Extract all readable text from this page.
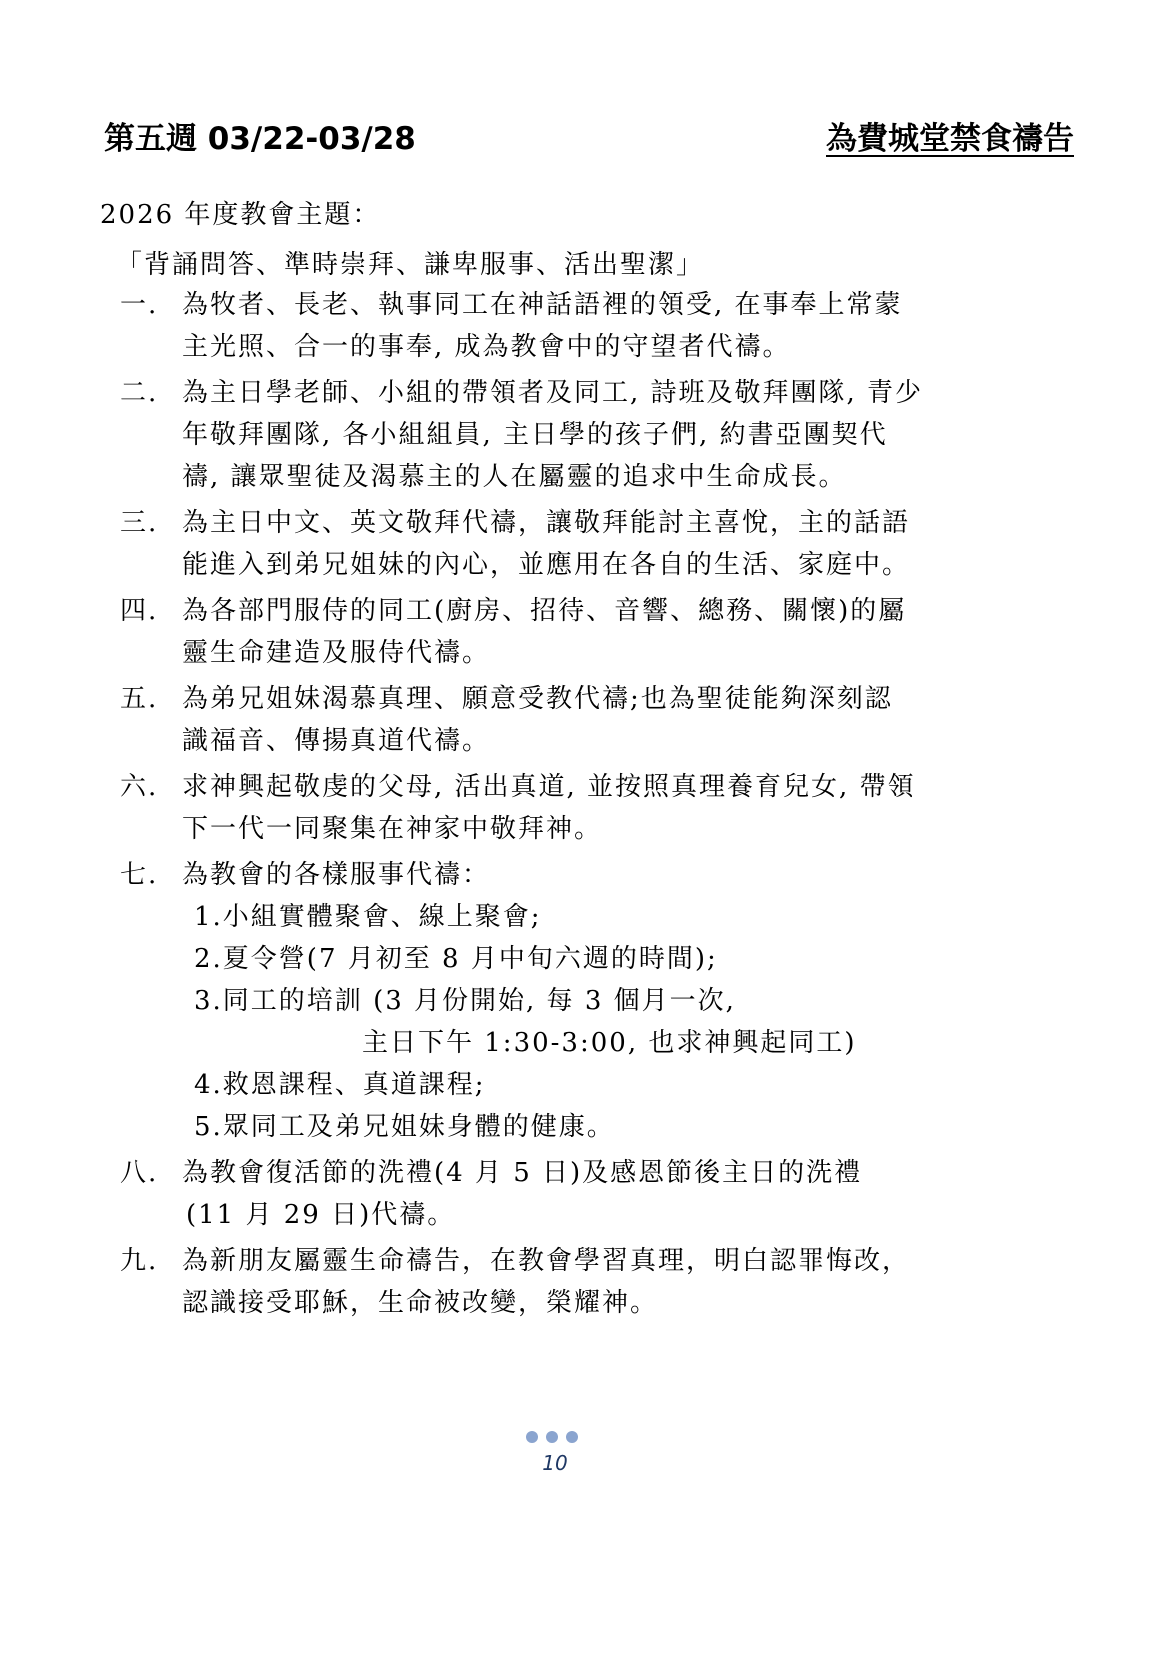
第五週 03/22-03/28	為費城堂禁食禱告
2026 年度教會主題：
「背誦問答、準時崇拜、謙卑服事、活出聖潔」
一. 為牧者、長老、執事同工在神話語裡的領受, 在事奉上常蒙
主光照、合一的事奉, 成為教會中的守望者代禱。
二. 為主日學老師、小組的帶領者及同工, 詩班及敬拜團隊, 青少
年敬拜團隊, 各小組組員, 主日學的孩子們, 約書亞團契代
禱, 讓眾聖徒及渴慕主的人在屬靈的追求中生命成長。
三. 為主日中文、英文敬拜代禱，讓敬拜能討主喜悅，主的話語
能進入到弟兄姐妹的內心，並應用在各自的生活、家庭中。
四. 為各部門服侍的同工(廚房、招待、音響、總務、關懷)的屬
靈生命建造及服侍代禱。
五. 為弟兄姐妹渴慕真理、願意受教代禱;也為聖徒能夠深刻認
識福音、傳揚真道代禱。
六. 求神興起敬虔的父母, 活出真道, 並按照真理養育兒女, 帶領
下一代一同聚集在神家中敬拜神。
七. 為教會的各樣服事代禱：
1.小組實體聚會、線上聚會;
2.夏令營(7 月初至 8 月中旬六週的時間);
3.同工的培訓 (3 月份開始, 每 3 個月一次,
主日下午 1:30-3:00, 也求神興起同工)
4.救恩課程、真道課程;
5.眾同工及弟兄姐妹身體的健康。
八. 為教會復活節的洗禮(4 月 5 日)及感恩節後主日的洗禮
(11 月 29 日)代禱。
九. 為新朋友屬靈生命禱告，在教會學習真理，明白認罪悔改，
認識接受耶穌，生命被改變，榮耀神。
10
